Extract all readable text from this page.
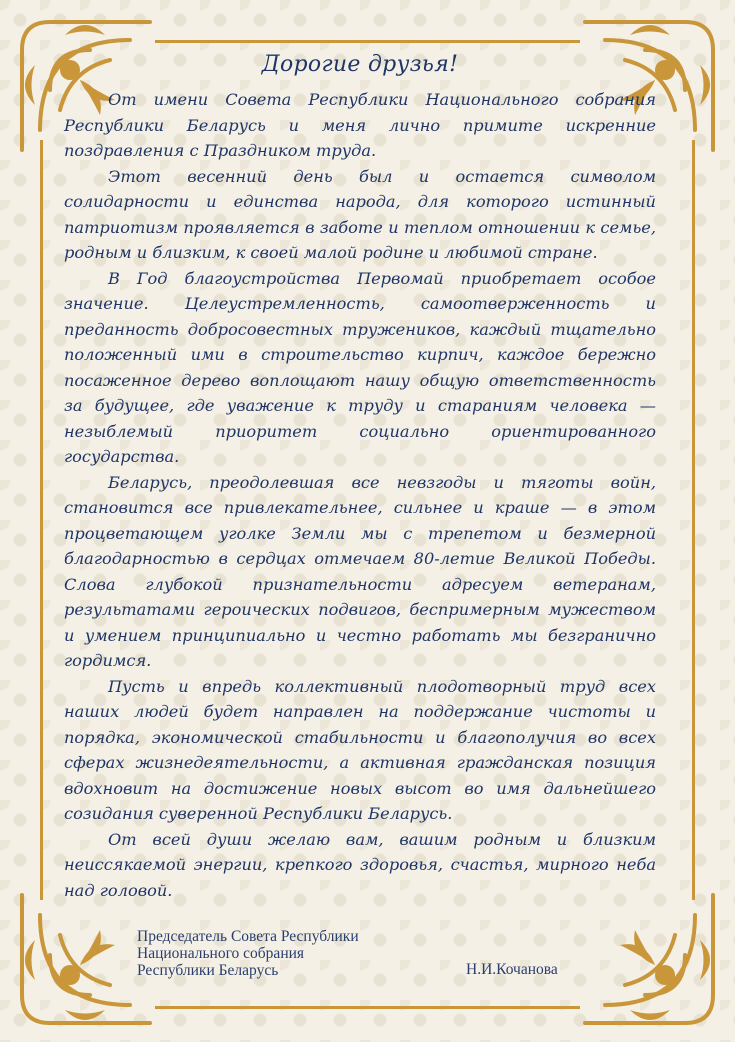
Дорогие друзья!

От имени Совета Республики Национального собрания Республики Беларусь и меня лично примите искренние поздравления с Праздником труда.

Этот весенний день был и остается символом солидарности и единства народа, для которого истинный патриотизм проявляется в заботе и теплом отношении к семье, родным и близким, к своей малой родине и любимой стране.

В Год благоустройства Первомай приобретает особое значение. Целеустремленность, самоотверженность и преданность добросовестных тружеников, каждый тщательно положенный ими в строительство кирпич, каждое бережно посаженное дерево воплощают нашу общую ответственность за будущее, где уважение к труду и стараниям человека — незыблемый приоритет социально ориентированного государства.

Беларусь, преодолевшая все невзгоды и тяготы войн, становится все привлекательнее, сильнее и краше — в этом процветающем уголке Земли мы с трепетом и безмерной благодарностью в сердцах отмечаем 80-летие Великой Победы. Слова глубокой признательности адресуем ветеранам, результатами героических подвигов, беспримерным мужеством и умением принципиально и честно работать мы безгранично гордимся.

Пусть и впредь коллективный плодотворный труд всех наших людей будет направлен на поддержание чистоты и порядка, экономической стабильности и благополучия во всех сферах жизнедеятельности, а активная гражданская позиция вдохновит на достижение новых высот во имя дальнейшего созидания суверенной Республики Беларусь.

От всей души желаю вам, вашим родным и близким неиссякаемой энергии, крепкого здоровья, счастья, мирного неба над головой.

Председатель Совета Республики
Национального собрания
Республики Беларусь	Н.И.Кочанова
